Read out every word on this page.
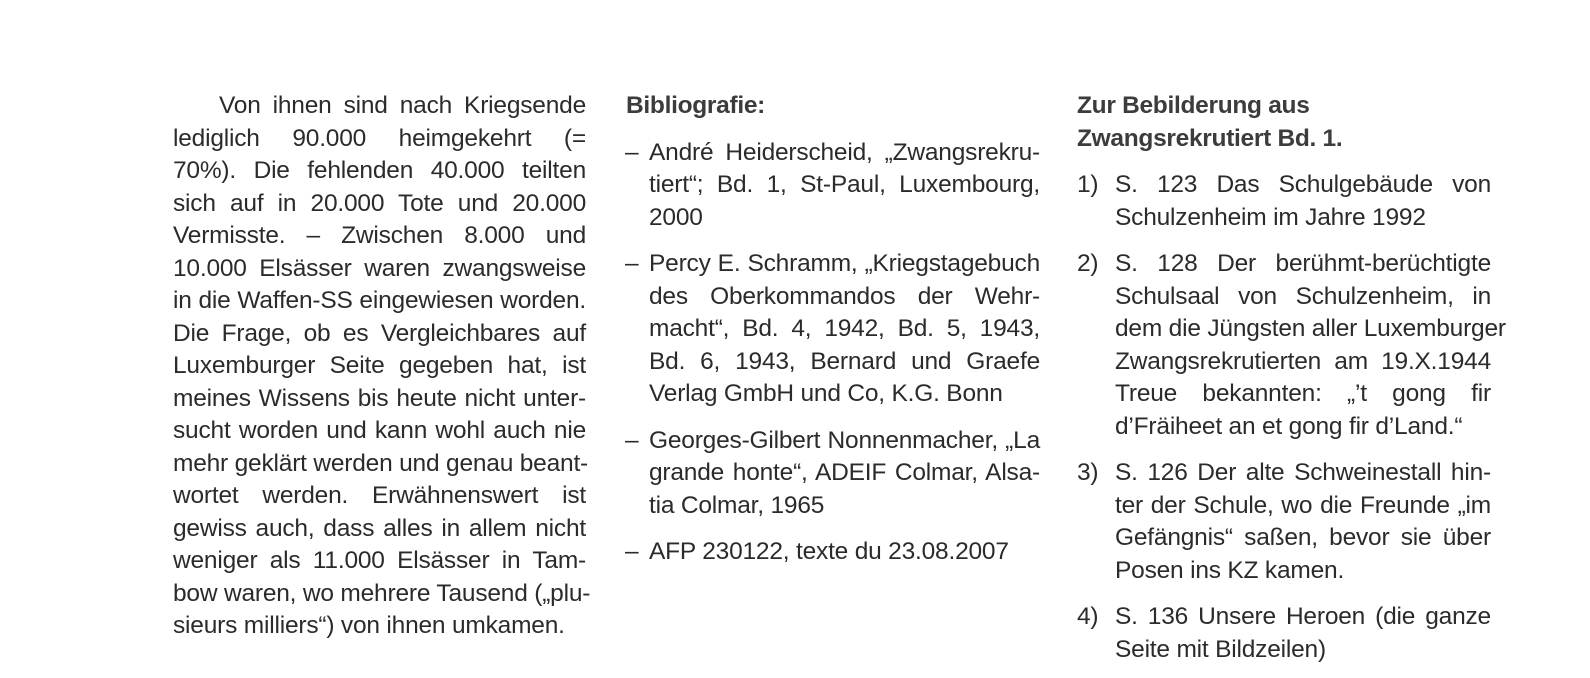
Von ihnen sind nach Kriegsende
lediglich 90.000 heimgekehrt (=
70%). Die fehlenden 40.000 teilten
sich auf in 20.000 Tote und 20.000
Vermisste. – Zwischen 8.000 und
10.000 Elsässer waren zwangsweise
in die Waffen-SS eingewiesen worden.
Die Frage, ob es Vergleichbares auf
Luxemburger Seite gegeben hat, ist
meines Wissens bis heute nicht unter-
sucht worden und kann wohl auch nie
mehr geklärt werden und genau beant-
wortet werden. Erwähnenswert ist
gewiss auch, dass alles in allem nicht
weniger als 11.000 Elsässer in Tam-
bow waren, wo mehrere Tausend („plu-
sieurs milliers“) von ihnen umkamen.
Bibliografie:
– André Heiderscheid, „Zwangsrekru-
tiert“; Bd. 1, St-Paul, Luxembourg,
2000
– Percy E. Schramm, „Kriegstagebuch
des Oberkommandos der Wehr-
macht“, Bd. 4, 1942, Bd. 5, 1943,
Bd. 6, 1943, Bernard und Graefe
Verlag GmbH und Co, K.G. Bonn
– Georges-Gilbert Nonnenmacher, „La
grande honte“, ADEIF Colmar, Alsa-
tia Colmar, 1965
– AFP 230122, texte du 23.08.2007
Zur Bebilderung aus
Zwangsrekrutiert Bd. 1.
1) S. 123 Das Schulgebäude von
Schulzenheim im Jahre 1992
2) S. 128 Der berühmt-berüchtigte
Schulsaal von Schulzenheim, in
dem die Jüngsten aller Luxemburger
Zwangsrekrutierten am 19.X.1944
Treue bekannten: „’t gong fir
d’Fräiheet an et gong fir d’Land.“
3) S. 126 Der alte Schweinestall hin-
ter der Schule, wo die Freunde „im
Gefängnis“ saßen, bevor sie über
Posen ins KZ kamen.
4) S. 136 Unsere Heroen (die ganze
Seite mit Bildzeilen)
